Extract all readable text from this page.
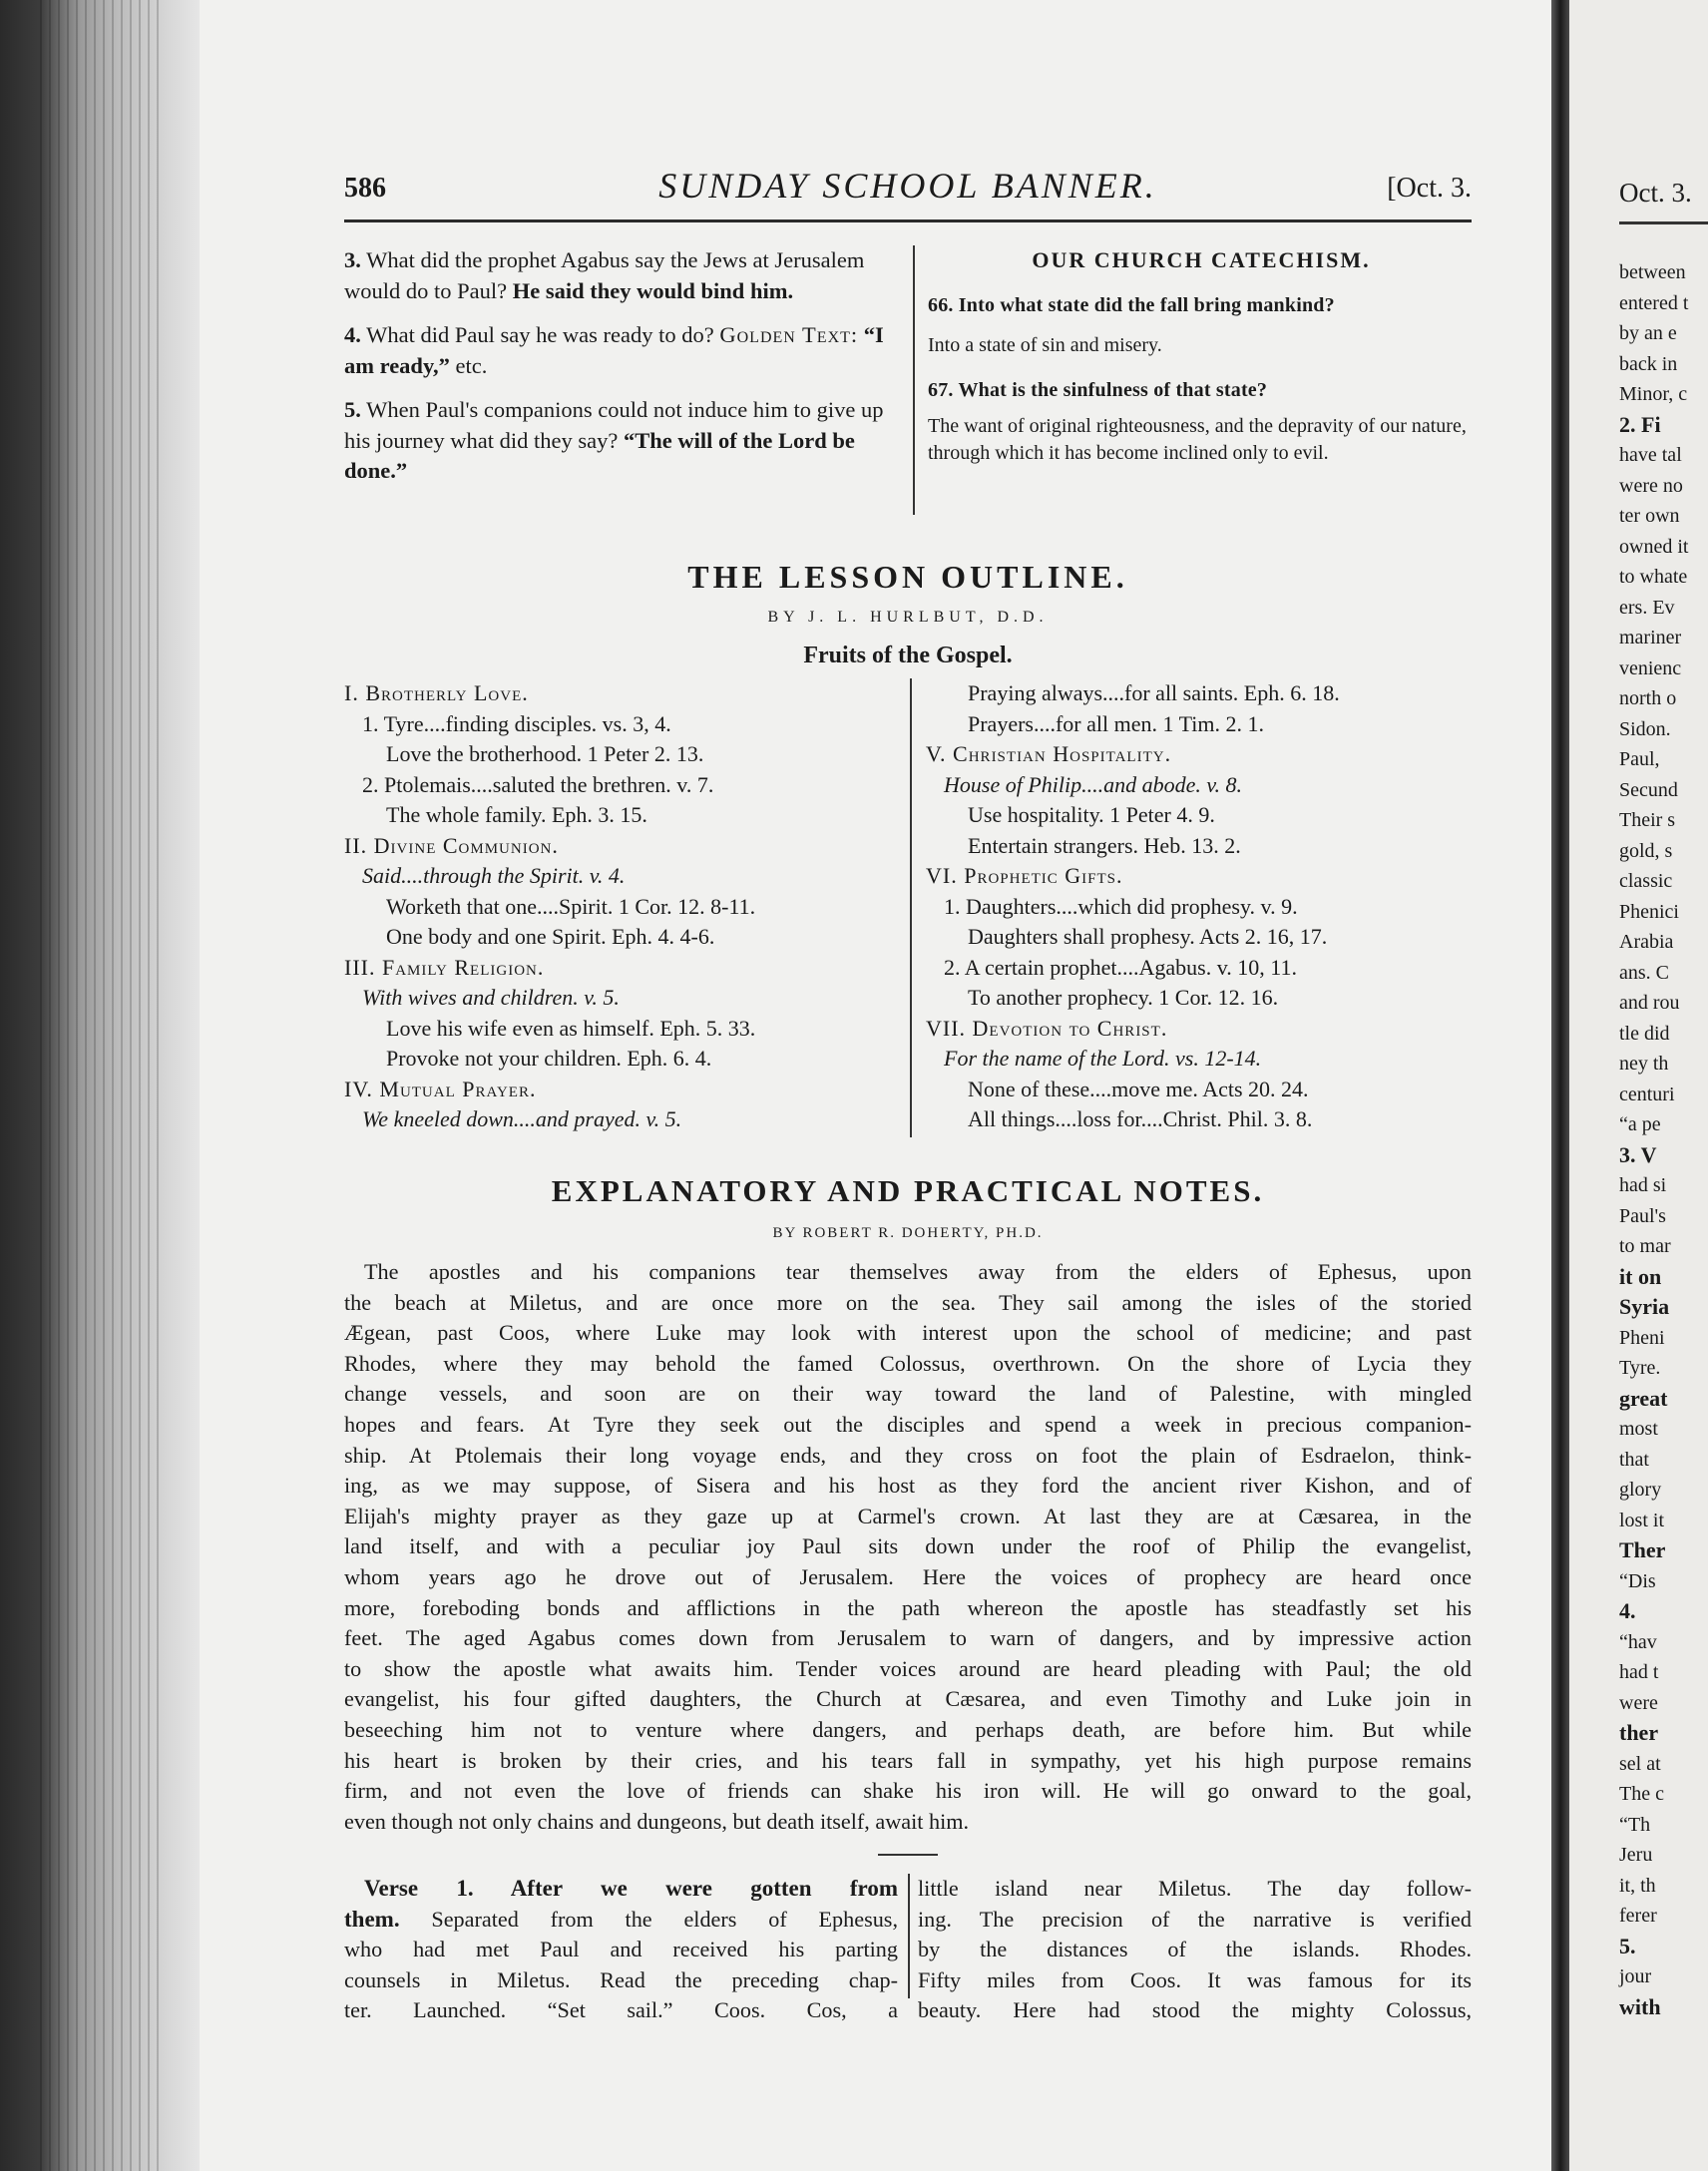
586	SUNDAY SCHOOL BANNER.	[Oct. 3.

3. What did the prophet Agabus say the Jews at Jerusalem would do to Paul? He said they would bind him.

4. What did Paul say he was ready to do? Golden Text: “I am ready,” etc.

5. When Paul's companions could not induce him to give up his journey what did they say? “The will of the Lord be done.”

OUR CHURCH CATECHISM.

66. Into what state did the fall bring mankind?

Into a state of sin and misery.

67. What is the sinfulness of that state?

The want of original righteousness, and the depravity of our nature, through which it has become inclined only to evil.

THE LESSON OUTLINE.
BY J. L. HURLBUT, D.D.
Fruits of the Gospel.
I. Brotherly Love.
1. Tyre....finding disciples. vs. 3, 4.
Love the brotherhood. 1 Peter 2. 13.
2. Ptolemais....saluted the brethren. v. 7.
The whole family. Eph. 3. 15.
II. Divine Communion.
Said....through the Spirit. v. 4.
Worketh that one....Spirit. 1 Cor. 12. 8-11.
One body and one Spirit. Eph. 4. 4-6.
III. Family Religion.
With wives and children. v. 5.
Love his wife even as himself. Eph. 5. 33.
Provoke not your children. Eph. 6. 4.
IV. Mutual Prayer.
We kneeled down....and prayed. v. 5.
Praying always....for all saints. Eph. 6. 18.
Prayers....for all men. 1 Tim. 2. 1.
V. Christian Hospitality.
House of Philip....and abode. v. 8.
Use hospitality. 1 Peter 4. 9.
Entertain strangers. Heb. 13. 2.
VI. Prophetic Gifts.
1. Daughters....which did prophesy. v. 9.
Daughters shall prophesy. Acts 2. 16, 17.
2. A certain prophet....Agabus. v. 10, 11.
To another prophecy. 1 Cor. 12. 16.
VII. Devotion to Christ.
For the name of the Lord. vs. 12-14.
None of these....move me. Acts 20. 24.
All things....loss for....Christ. Phil. 3. 8.
EXPLANATORY AND PRACTICAL NOTES.
BY ROBERT R. DOHERTY, PH.D.
The apostles and his companions tear themselves away from the elders of Ephesus, upon
the beach at Miletus, and are once more on the sea. They sail among the isles of the storied
Ægean, past Coos, where Luke may look with interest upon the school of medicine; and past
Rhodes, where they may behold the famed Colossus, overthrown. On the shore of Lycia they
change vessels, and soon are on their way toward the land of Palestine, with mingled
hopes and fears. At Tyre they seek out the disciples and spend a week in precious companion-
ship. At Ptolemais their long voyage ends, and they cross on foot the plain of Esdraelon, think-
ing, as we may suppose, of Sisera and his host as they ford the ancient river Kishon, and of
Elijah's mighty prayer as they gaze up at Carmel's crown. At last they are at Cæsarea, in the
land itself, and with a peculiar joy Paul sits down under the roof of Philip the evangelist,
whom years ago he drove out of Jerusalem. Here the voices of prophecy are heard once
more, foreboding bonds and afflictions in the path whereon the apostle has steadfastly set his
feet. The aged Agabus comes down from Jerusalem to warn of dangers, and by impressive action
to show the apostle what awaits him. Tender voices around are heard pleading with Paul; the old
evangelist, his four gifted daughters, the Church at Cæsarea, and even Timothy and Luke join in
beseeching him not to venture where dangers, and perhaps death, are before him. But while
his heart is broken by their cries, and his tears fall in sympathy, yet his high purpose remains
firm, and not even the love of friends can shake his iron will. He will go onward to the goal,
even though not only chains and dungeons, but death itself, await him.
Verse 1. After we were gotten from
them. Separated from the elders of Ephesus,
who had met Paul and received his parting
counsels in Miletus. Read the preceding chap-
ter. Launched. “Set sail.” Coos. Cos, a
little island near Miletus. The day follow-
ing. The precision of the narrative is verified
by the distances of the islands. Rhodes.
Fifty miles from Coos. It was famous for its
beauty. Here had stood the mighty Colossus,
Oct. 3.
between
entered t
by an e
back in
Minor, c
2. Fi
have tal
were no
ter own
owned it
to whate
ers. Ev
mariner
venienc
north o
Sidon.
Paul,
Secund
Their s
gold, s
classic
Phenici
Arabia
ans. C
and rou
tle did
ney th
centuri
“a pe
3. V
had si
Paul's
to mar
it on
Syria
Pheni
Tyre.
great
most
that
glory
lost it
Ther
“Dis
4.
“hav
had t
were
ther
sel at
The c
“Th
Jeru
it, th
ferer
5.
jour
with
